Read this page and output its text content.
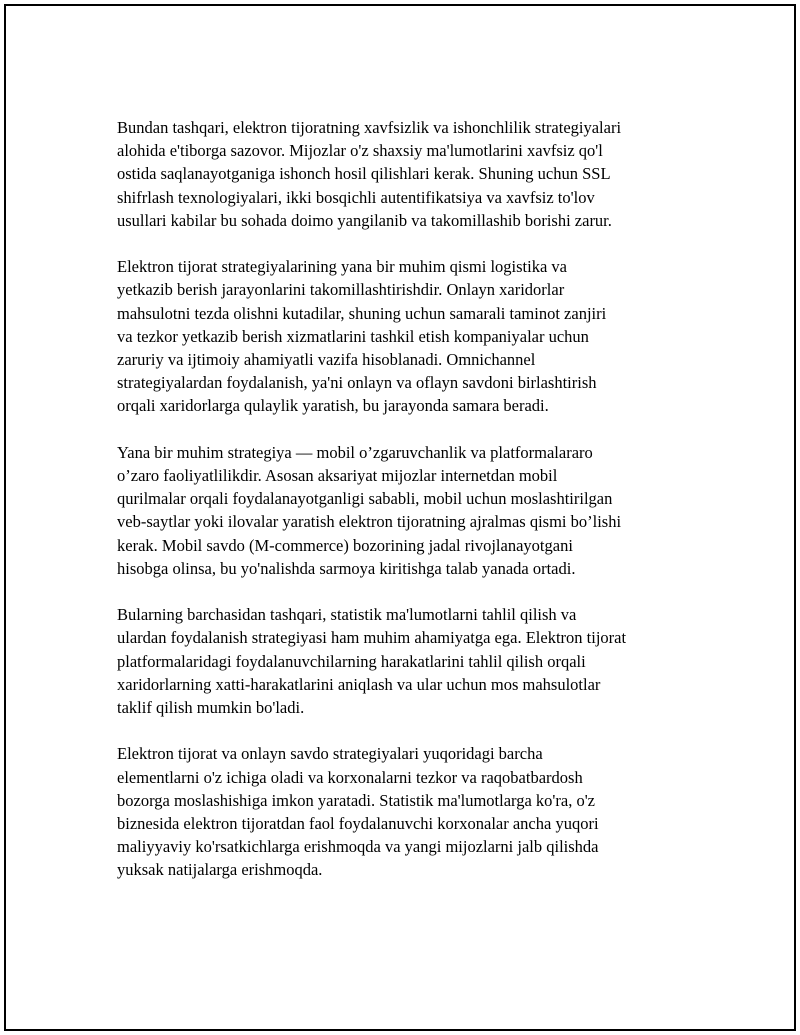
Bundan tashqari, elektron tijoratning xavfsizlik va ishonchlilik strategiyalari
alohida e'tiborga sazovor. Mijozlar o'z shaxsiy ma'lumotlarini xavfsiz qo'l
ostida saqlanayotganiga ishonch hosil qilishlari kerak. Shuning uchun SSL
shifrlash texnologiyalari, ikki bosqichli autentifikatsiya va xavfsiz to'lov
usullari kabilar bu sohada doimo yangilanib va takomillashib borishi zarur.

Elektron tijorat strategiyalarining yana bir muhim qismi logistika va
yetkazib berish jarayonlarini takomillashtirishdir. Onlayn xaridorlar
mahsulotni tezda olishni kutadilar, shuning uchun samarali taminot zanjiri
va tezkor yetkazib berish xizmatlarini tashkil etish kompaniyalar uchun
zaruriy va ijtimoiy ahamiyatli vazifa hisoblanadi. Omnichannel
strategiyalardan foydalanish, ya'ni onlayn va oflayn savdoni birlashtirish
orqali xaridorlarga qulaylik yaratish, bu jarayonda samara beradi.

Yana bir muhim strategiya — mobil o’zgaruvchanlik va platformalararo
o’zaro faoliyatlilikdir. Asosan aksariyat mijozlar internetdan mobil
qurilmalar orqali foydalanayotganligi sababli, mobil uchun moslashtirilgan
veb-saytlar yoki ilovalar yaratish elektron tijoratning ajralmas qismi bo’lishi
kerak. Mobil savdo (M-commerce) bozorining jadal rivojlanayotgani
hisobga olinsa, bu yo'nalishda sarmoya kiritishga talab yanada ortadi.

Bularning barchasidan tashqari, statistik ma'lumotlarni tahlil qilish va
ulardan foydalanish strategiyasi ham muhim ahamiyatga ega. Elektron tijorat
platformalaridagi foydalanuvchilarning harakatlarini tahlil qilish orqali
xaridorlarning xatti-harakatlarini aniqlash va ular uchun mos mahsulotlar
taklif qilish mumkin bo'ladi.

Elektron tijorat va onlayn savdo strategiyalari yuqoridagi barcha
elementlarni o'z ichiga oladi va korxonalarni tezkor va raqobatbardosh
bozorga moslashishiga imkon yaratadi. Statistik ma'lumotlarga ko'ra, o'z
biznesida elektron tijoratdan faol foydalanuvchi korxonalar ancha yuqori
maliyyaviy ko'rsatkichlarga erishmoqda va yangi mijozlarni jalb qilishda
yuksak natijalarga erishmoqda.
